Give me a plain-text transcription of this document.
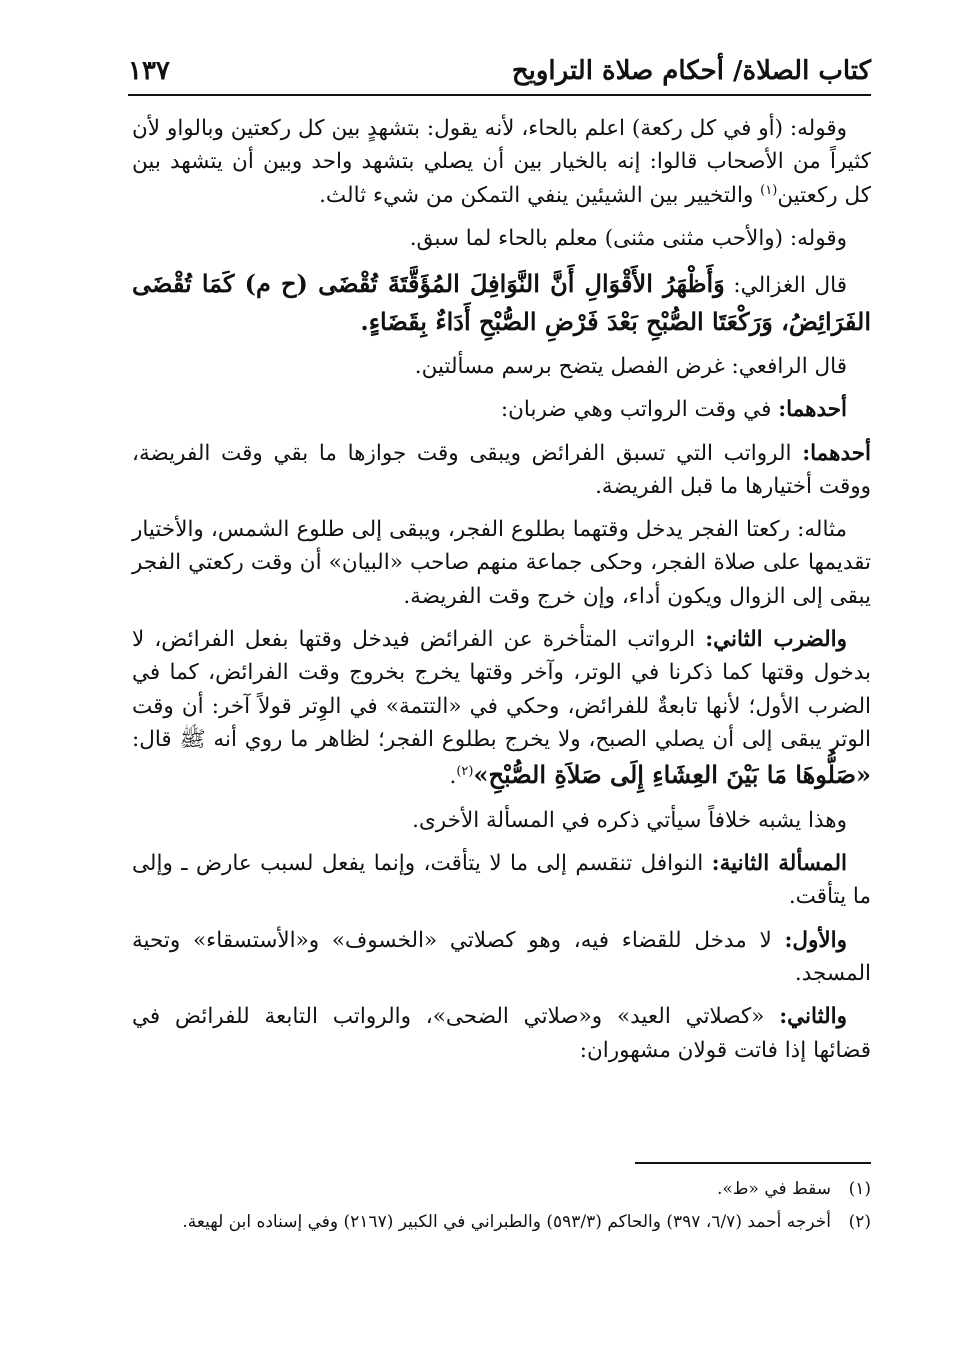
كتاب الصلاة/ أحكام صلاة التراويح
١٣٧

وقوله: (أو في كل ركعة) اعلم بالحاء، لأنه يقول: بتشهدٍ بين كل ركعتين وبالواو لأن كثيراً من الأصحاب قالوا: إنه بالخيار بين أن يصلي بتشهد واحد وبين أن يتشهد بين كل ركعتين$^{(١)}$ والتخيير بين الشيئين ينفي التمكن من شيء ثالث.

وقوله: (والأحب مثنى مثنى) معلم بالحاء لما سبق.

قال الغزالي: وَأَظْهَرُ الأَقْوَالِ أَنَّ النَّوَافِلَ المُؤَقَّتَةَ تُقْضَى (ح م) كَمَا تُقْضَى الفَرَائِضُ، وَرَكْعَتَا الصُّبْحِ بَعْدَ فَرْضِ الصُّبْحِ أَدَاءٌ بِقَضَاءٍ.

قال الرافعي: غرض الفصل يتضح برسم مسألتين.

أحدهما: في وقت الرواتب وهي ضربان:

أحدهما: الرواتب التي تسبق الفرائض ويبقى وقت جوازها ما بقي وقت الفريضة، ووقت أختيارها ما قبل الفريضة.

مثاله: ركعتا الفجر يدخل وقتهما بطلوع الفجر، ويبقى إلى طلوع الشمس، والأختيار تقديمها على صلاة الفجر، وحكى جماعة منهم صاحب «البيان» أن وقت ركعتي الفجر يبقى إلى الزوال ويكون أداء، وإن خرج وقت الفريضة.

والضرب الثاني: الرواتب المتأخرة عن الفرائض فيدخل وقتها بفعل الفرائض، لا بدخول وقتها كما ذكرنا في الوتر، وآخر وقتها يخرج بخروج وقت الفرائض، كما في الضرب الأول؛ لأنها تابعةٌ للفرائض، وحكي في «التتمة» في الوِتر قولاً آخر: أن وقت الوتر يبقى إلى أن يصلي الصبح، ولا يخرج بطلوع الفجر؛ لظاهر ما روي أنه ﷺ قال: «صَلُّوهَا مَا بَيْنَ العِشَاءِ إِلَى صَلاَةِ الصُّبْحِ»$^{(٢)}$.

وهذا يشبه خلافاً سيأتي ذكره في المسألة الأخرى.

المسألة الثانية: النوافل تنقسم إلى ما لا يتأقت، وإنما يفعل لسبب عارض ـ وإلى ما يتأقت.

والأول: لا مدخل للقضاء فيه، وهو كصلاتي «الخسوف» و«الأستسقاء» وتحية المسجد.

والثاني: «كصلاتي العيد» و«صلاتي الضحى»، والرواتب التابعة للفرائض في قضائها إذا فاتت قولان مشهوران:

(١)
سقط في «ط».
(٢)
أخرجه أحمد (٦/٧، ٣٩٧) والحاكم (٥٩٣/٣) والطبراني في الكبير (٢١٦٧) وفي إسناده ابن لهيعة.
